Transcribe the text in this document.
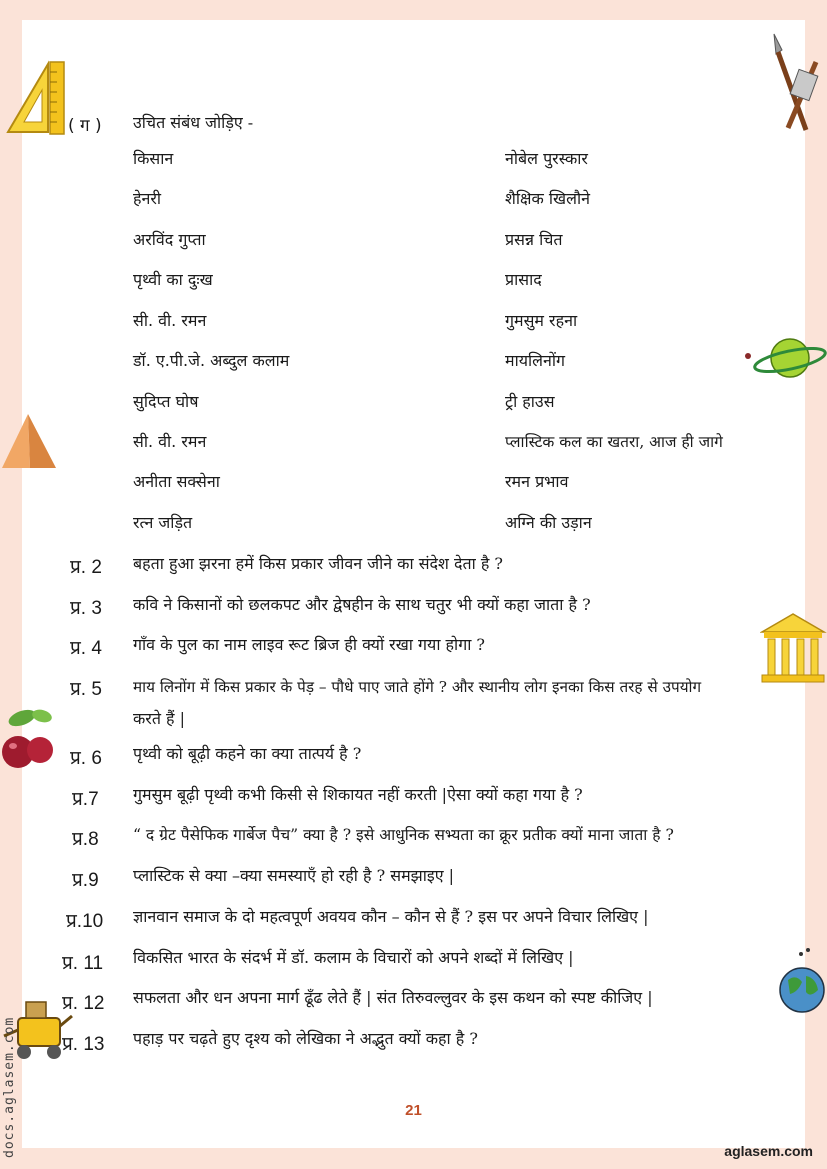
( ग ) उचित संबंध जोड़िए -
किसान
हेनरी
अरविंद गुप्ता
पृथ्वी का दुःख
सी. वी. रमन
डॉ. ए.पी.जे. अब्दुल कलाम
सुदिप्त घोष
सी. वी. रमन
अनीता सक्सेना
रत्न जड़ित
नोबेल पुरस्कार
शैक्षिक खिलौने
प्रसन्न चित
प्रासाद
गुमसुम रहना
मायलिनोंग
ट्री हाउस
प्लास्टिक कल का खतरा, आज ही जागे
रमन प्रभाव
अग्नि की उड़ान
प्र. 2 बहता हुआ झरना हमें किस प्रकार जीवन जीने का संदेश देता है ?
प्र. 3 कवि ने किसानों को छलकपट और द्वेषहीन के साथ चतुर भी क्यों कहा जाता है ?
प्र. 4 गाँव के पुल का नाम लाइव रूट ब्रिज ही क्यों रखा गया होगा ?
प्र. 5 माय लिनोंग में किस प्रकार के पेड़ – पौधे पाए जाते होंगे ? और स्थानीय लोग इनका किस तरह से उपयोग
करते हैं |
प्र. 6 पृथ्वी को बूढ़ी कहने का क्या तात्पर्य है ?
प्र.7 गुमसुम बूढ़ी पृथ्वी कभी किसी से शिकायत नहीं करती |ऐसा क्यों कहा गया है ?
प्र.8 “ द ग्रेट पैसेफिक गार्बेज पैच” क्या है ? इसे आधुनिक सभ्यता का क्रूर प्रतीक क्यों माना जाता है ?
प्र.9 प्लास्टिक से क्या –क्या समस्याएँ हो रही है ? समझाइए |
प्र.10 ज्ञानवान समाज के दो महत्वपूर्ण अवयव कौन – कौन से हैं ? इस पर अपने विचार लिखिए |
प्र. 11 विकसित भारत के संदर्भ में डॉ. कलाम के विचारों को अपने शब्दों में लिखिए |
प्र. 12 सफलता और धन अपना मार्ग ढूँढ लेते हैं | संत तिरुवल्लुवर के इस कथन को स्पष्ट कीजिए |
प्र. 13 पहाड़ पर चढ़ते हुए दृश्य को लेखिका ने अद्भुत क्यों कहा है ?
21
aglasem.com
docs.aglasem.com
